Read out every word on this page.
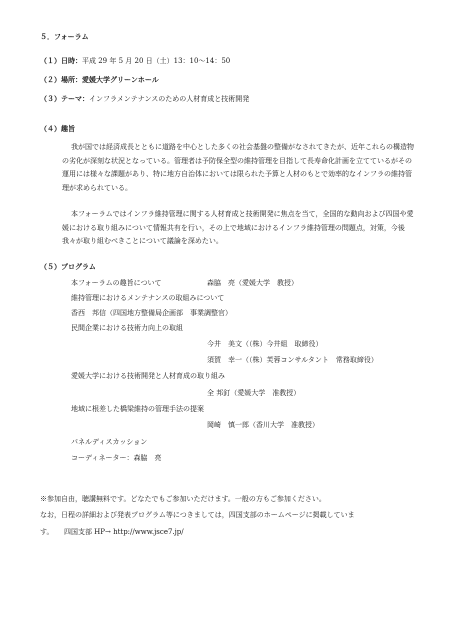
５．フォーラム
（１）日時：平成 29 年 5 月 20 日（土）13：10〜14：50
（２）場所：愛媛大学グリーンホール
（３）テーマ：インフラメンテナンスのための人材育成と技術開発
（４）趣旨
我が国では経済成長とともに道路を中心とした多くの社会基盤の整備がなされてきたが、近年これらの構造物の劣化が深刻な状況となっている。管理者は予防保全型の維持管理を目指して長寿命化計画を立てているがその運用には様々な課題があり、特に地方自治体においては限られた予算と人材のもとで効率的なインフラの維持管理が求められている。
本フォーラムではインフラ維持管理に関する人材育成と技術開発に焦点を当て，全国的な動向および四国や愛媛における取り組みについて情報共有を行い，その上で地域におけるインフラ維持管理の問題点，対策，今後我々が取り組むべきことについて議論を深めたい。
（５）プログラム
本フォーラムの趣旨について	森脇　亮（愛媛大学　教授）
維持管理におけるメンテナンスの取組みについて
香西　邦信（四国地方整備局企画部　事業調整官）
民間企業における技術力向上の取組
今井　美文（（株）今井組　取締役）
須賀　幸一（（株）芙蓉コンサルタント　常務取締役）
愛媛大学における技術開発と人材育成の取り組み
全 邦釘（愛媛大学　准教授）
地域に根差した橋梁維持の管理手法の提案
岡崎　慎一郎（香川大学　准教授）
パネルディスカッション
コーディネーター：森脇　亮
※参加自由，聴講無料です。どなたでもご参加いただけます。一般の方もご参加ください。
なお，日程の詳細および発表プログラム等につきましては，四国支部のホームページに掲載していま
す。　　四国支部 HP→ http://www.jsce7.jp/
